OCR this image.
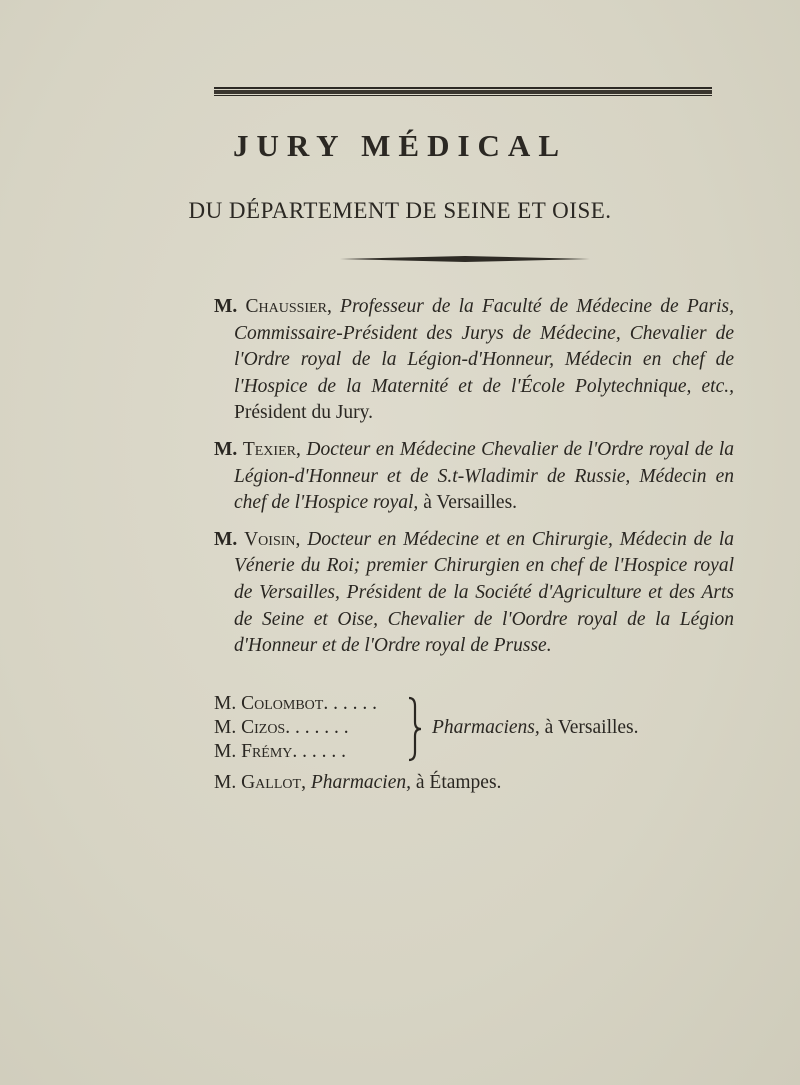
JURY MÉDICAL
DU DÉPARTEMENT DE SEINE ET OISE.

M. Chaussier, Professeur de la Faculté de Médecine de Paris, Commissaire-Président des Jurys de Médecine, Chevalier de l'Ordre royal de la Légion-d'Honneur, Médecin en chef de l'Hospice de la Maternité et de l'École Polytechnique, etc., Président du Jury.

M. Texier, Docteur en Médecine Chevalier de l'Ordre royal de la Légion-d'Honneur et de S.t-Wladimir de Russie, Médecin en chef de l'Hospice royal, à Versailles.

M. Voisin, Docteur en Médecine et en Chirurgie, Médecin de la Vénerie du Roi; premier Chirurgien en chef de l'Hospice royal de Versailles, Président de la Société d'Agriculture et des Arts de Seine et Oise, Chevalier de l'Oordre royal de la Légion d'Honneur et de l'Ordre royal de Prusse.

M. Colombot. . . . . .
M. Cizos. . . . . . .
M. Frémy. . . . . .
Pharmaciens, à Versailles.
M. Gallot, Pharmacien, à Étampes.
